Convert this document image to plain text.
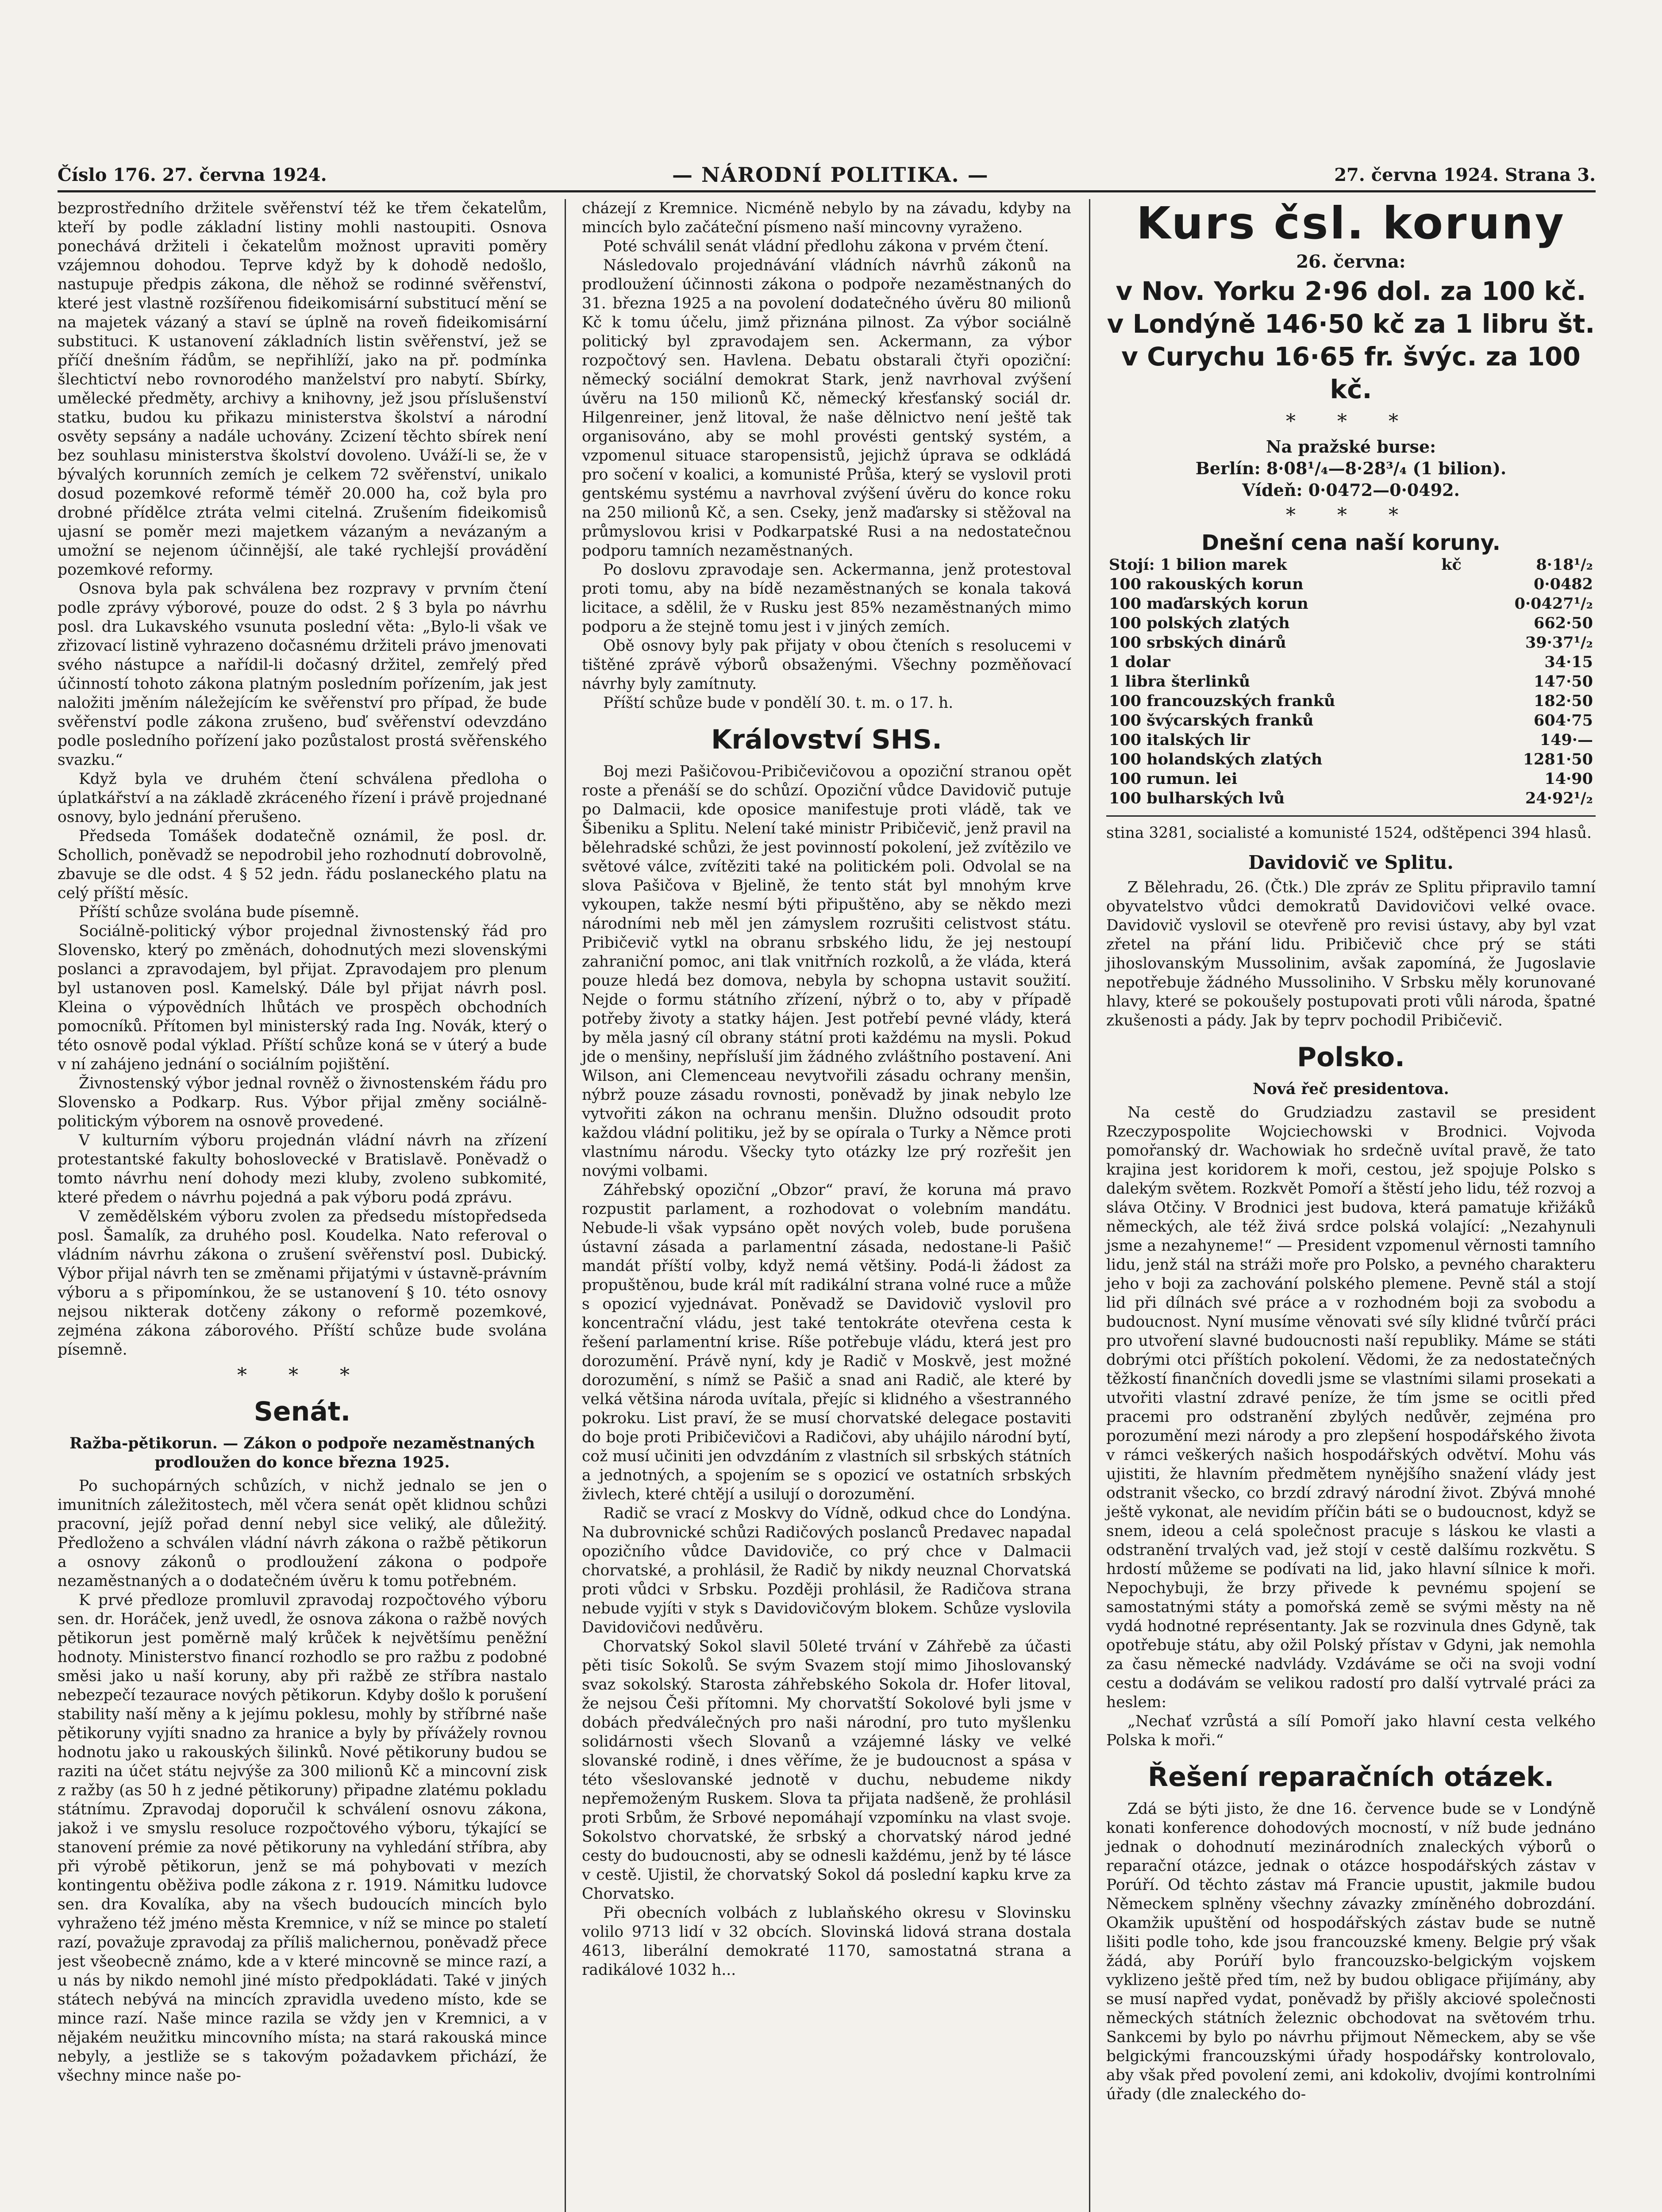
Číslo 176. 27. června 1924.	— NÁRODNÍ POLITIKA. —	27. června 1924. Strana 3.

bezprostředního držitele svěřenství též ke třem čekatelům, kteří by podle základní listiny mohli nastoupiti. Osnova ponechává držiteli i čekatelům možnost upraviti poměry vzájemnou dohodou. Teprve když by k dohodě nedošlo, nastupuje předpis zákona, dle něhož se rodinné svěřenství, které jest vlastně rozšířenou fideikomisární substitucí mění se na majetek vázaný a staví se úplně na roveň fideikomisární substituci. K ustanovení základních listin svěřenství, jež se příčí dnešním řádům, se nepřihlíží, jako na př. podmínka šlechtictví nebo rovnorodého manželství pro nabytí. Sbírky, umělecké předměty, archivy a knihovny, jež jsou příslušenství statku, budou ku přikazu ministerstva školství a národní osvěty sepsány a nadále uchovány. Zcizení těchto sbírek není bez souhlasu ministerstva školství dovoleno. Uváží-li se, že v bývalých korunních zemích je celkem 72 svěřenství, unikalo dosud pozemkové reformě téměř 20.000 ha, což byla pro drobné přídělce ztráta velmi citelná. Zrušením fideikomisů ujasní se poměr mezi majetkem vázaným a nevázaným a umožní se nejenom účinnější, ale také rychlejší provádění pozemkové reformy.

Osnova byla pak schválena bez rozpravy v prvním čtení podle zprávy výborové, pouze do odst. 2 § 3 byla po návrhu posl. dra Lukavského vsunuta poslední věta: „Bylo-li však ve zřizovací listině vyhrazeno dočasnému držiteli právo jmenovati svého nástupce a nařídil-li dočasný držitel, zemřelý před účinností tohoto zákona platným posledním pořízením, jak jest naložiti jměním náležejícím ke svěřenství pro případ, že bude svěřenství podle zákona zrušeno, buď svěřenství odevzdáno podle posledního pořízení jako pozůstalost prostá svěřenského svazku.“

Když byla ve druhém čtení schválena předloha o úplatkářství a na základě zkráceného řízení i právě projednané osnovy, bylo jednání přerušeno.

Předseda Tomášek dodatečně oznámil, že posl. dr. Schollich, poněvadž se nepodrobil jeho rozhodnutí dobrovolně, zbavuje se dle odst. 4 § 52 jedn. řádu poslaneckého platu na celý příští měsíc.

Příští schůze svolána bude písemně.

Sociálně-politický výbor projednal živnostenský řád pro Slovensko, který po změnách, dohodnutých mezi slovenskými poslanci a zpravodajem, byl přijat. Zpravodajem pro plenum byl ustanoven posl. Kamelský. Dále byl přijat návrh posl. Kleina o výpovědních lhůtách ve prospěch obchodních pomocníků. Přítomen byl ministerský rada Ing. Novák, který o této osnově podal výklad. Příští schůze koná se v úterý a bude v ní zahájeno jednání o sociálním pojištění.

Živnostenský výbor jednal rovněž o živnostenském řádu pro Slovensko a Podkarp. Rus. Výbor přijal změny sociálně-politickým výborem na osnově provedené.

V kulturním výboru projednán vládní návrh na zřízení protestantské fakulty bohoslovecké v Bratislavě. Poněvadž o tomto návrhu není dohody mezi kluby, zvoleno subkomité, které předem o návrhu pojedná a pak výboru podá zprávu.

V zemědělském výboru zvolen za předsedu místopředseda posl. Šamalík, za druhého posl. Koudelka. Nato referoval o vládním návrhu zákona o zrušení svěřenství posl. Dubický. Výbor přijal návrh ten se změnami přijatými v ústavně-právním výboru a s připomínkou, že se ustanovení § 10. této osnovy nejsou nikterak dotčeny zákony o reformě pozemkové, zejména zákona záborového. Příští schůze bude svolána písemně.

* * *
Senát.
Ražba-pětikorun. — Zákon o podpoře nezaměstnaných prodloužen do konce března 1925.

Po suchopárných schůzích, v nichž jednalo se jen o imunitních záležitostech, měl včera senát opět klidnou schůzi pracovní, jejíž pořad denní nebyl sice veliký, ale důležitý. Předloženo a schválen vládní návrh zákona o ražbě pětikorun a osnovy zákonů o prodloužení zákona o podpoře nezaměstnaných a o dodatečném úvěru k tomu potřebném.

K prvé předloze promluvil zpravodaj rozpočtového výboru sen. dr. Horáček, jenž uvedl, že osnova zákona o ražbě nových pětikorun jest poměrně malý krůček k největšímu peněžní hodnoty. Ministerstvo financí rozhodlo se pro ražbu z podobné směsi jako u naší koruny, aby při ražbě ze stříbra nastalo nebezpečí tezaurace nových pětikorun. Kdyby došlo k porušení stability naší měny a k jejímu poklesu, mohly by stříbrné naše pětikoruny vyjíti snadno za hranice a byly by přívážely rovnou hodnotu jako u rakouských šilinků. Nové pětikoruny budou se raziti na účet státu nejvýše za 300 milionů Kč a mincovní zisk z ražby (as 50 h z jedné pětikoruny) připadne zlatému pokladu státnímu. Zpravodaj doporučil k schválení osnovu zákona, jakož i ve smyslu resoluce rozpočtového výboru, týkající se stanovení prémie za nové pětikoruny na vyhledání stříbra, aby při výrobě pětikorun, jenž se má pohybovati v mezích kontingentu oběživa podle zákona z r. 1919. Námitku ludovce sen. dra Kovalíka, aby na všech budoucích mincích bylo vyhraženo též jméno města Kremnice, v níž se mince po staletí razí, považuje zpravodaj za příliš malichernou, poněvadž přece jest všeobecně známo, kde a v které mincovně se mince razí, a u nás by nikdo nemohl jiné místo předpokládati. Také v jiných státech nebývá na mincích zpravidla uvedeno místo, kde se mince razí. Naše mince razila se vždy jen v Kremnici, a v nějakém neužitku mincovního místa; na stará rakouská mince nebyly, a jestliže se s takovým požadavkem přichází, že všechny mince naše po-

cházejí z Kremnice. Nicméně nebylo by na závadu, kdyby na mincích bylo začáteční písmeno naší mincovny vyraženo.

Poté schválil senát vládní předlohu zákona v prvém čtení.

Následovalo projednávání vládních návrhů zákonů na prodloužení účinnosti zákona o podpoře nezaměstnaných do 31. března 1925 a na povolení dodatečného úvěru 80 milionů Kč k tomu účelu, jimž přiznána pilnost. Za výbor sociálně politický byl zpravodajem sen. Ackermann, za výbor rozpočtový sen. Havlena. Debatu obstarali čtyři opoziční: německý sociální demokrat Stark, jenž navrhoval zvýšení úvěru na 150 milionů Kč, německý křesťanský sociál dr. Hilgenreiner, jenž litoval, že naše dělnictvo není ještě tak organisováno, aby se mohl provésti gentský systém, a vzpomenul situace staropensistů, jejichž úprava se odkládá pro sočení v koalici, a komunisté Průša, který se vyslovil proti gentskému systému a navrhoval zvýšení úvěru do konce roku na 250 milionů Kč, a sen. Cseky, jenž maďarsky si stěžoval na průmyslovou krisi v Podkarpatské Rusi a na nedostatečnou podporu tamních nezaměstnaných.

Po doslovu zpravodaje sen. Ackermanna, jenž protestoval proti tomu, aby na bídě nezaměstnaných se konala taková licitace, a sdělil, že v Rusku jest 85% nezaměstnaných mimo podporu a že stejně tomu jest i v jiných zemích.

Obě osnovy byly pak přijaty v obou čteních s resolucemi v tištěné zprávě výborů obsaženými. Všechny pozměňovací návrhy byly zamítnuty.

Příští schůze bude v pondělí 30. t. m. o 17. h.

Království SHS.

Boj mezi Pašičovou-Pribičevičovou a opoziční stranou opět roste a přenáší se do schůzí. Opoziční vůdce Davidovič putuje po Dalmacii, kde oposice manifestuje proti vládě, tak ve Šibeniku a Splitu. Nelení také ministr Pribičevič, jenž pravil na bělehradské schůzi, že jest povinností pokolení, jež zvítězilo ve světové válce, zvítěziti také na politickém poli. Odvolal se na slova Pašičova v Bjelině, že tento stát byl mnohým krve vykoupen, takže nesmí býti připuštěno, aby se někdo mezi národními neb měl jen zámyslem rozrušiti celistvost státu. Pribičevič vytkl na obranu srbského lidu, že jej nestoupí zahraniční pomoc, ani tlak vnitřních rozkolů, a že vláda, která pouze hledá bez domova, nebyla by schopna ustavit soužití. Nejde o formu státního zřízení, nýbrž o to, aby v případě potřeby životy a statky hájen. Jest potřebí pevné vlády, která by měla jasný cíl obrany státní proti každému na mysli. Pokud jde o menšiny, nepřísluší jim žádného zvláštního postavení. Ani Wilson, ani Clemenceau nevytvořili zásadu ochrany menšin, nýbrž pouze zásadu rovnosti, poněvadž by jinak nebylo lze vytvořiti zákon na ochranu menšin. Dlužno odsoudit proto každou vládní politiku, jež by se opírala o Turky a Němce proti vlastnímu národu. Všecky tyto otázky lze prý rozřešit jen novými volbami.

Záhřebský opoziční „Obzor“ praví, že koruna má pravo rozpustit parlament, a rozhodovat o volebním mandátu. Nebude-li však vypsáno opět nových voleb, bude porušena ústavní zásada a parlamentní zásada, nedostane-li Pašič mandát příští volby, když nemá většiny. Podá-li žádost za propuštěnou, bude král mít radikální strana volné ruce a může s opozicí vyjednávat. Poněvadž se Davidovič vyslovil pro koncentrační vládu, jest také tentokráte otevřena cesta k řešení parlamentní krise. Ríše potřebuje vládu, která jest pro dorozumění. Právě nyní, kdy je Radič v Moskvě, jest možné dorozumění, s nímž se Pašič a snad ani Radič, ale které by velká většina národa uvítala, přejíc si klidného a všestranného pokroku. List praví, že se musí chorvatské delegace postaviti do boje proti Pribičevičovi a Radičovi, aby uhájilo národní bytí, což musí učiniti jen odvzdáním z vlastních sil srbských státních a jednotných, a spojením se s opozicí ve ostatních srbských živlech, které chtějí a usilují o dorozumění.

Radič se vrací z Moskvy do Vídně, odkud chce do Londýna. Na dubrovnické schůzi Radičových poslanců Predavec napadal opozičního vůdce Davidoviče, co prý chce v Dalmacii chorvatské, a prohlásil, že Radič by nikdy neuznal Chorvatská proti vůdci v Srbsku. Později prohlásil, že Radičova strana nebude vyjíti v styk s Davidovičovým blokem. Schůze vyslovila Davidovičovi nedůvěru.

Chorvatský Sokol slavil 50leté trvání v Záhřebě za účasti pěti tisíc Sokolů. Se svým Svazem stojí mimo Jihoslovanský svaz sokolský. Starosta záhřebského Sokola dr. Hofer litoval, že nejsou Češi přítomni. My chorvatští Sokolové byli jsme v dobách předválečných pro naši národní, pro tuto myšlenku solidárnosti všech Slovanů a vzájemné lásky ve velké slovanské rodině, i dnes věříme, že je budoucnost a spása v této všeslovanské jednotě v duchu, nebudeme nikdy nepřemoženým Ruskem. Slova ta přijata nadšeně, že prohlásil proti Srbům, že Srbové nepomáhají vzpomínku na vlast svoje. Sokolstvo chorvatské, že srbský a chorvatský národ jedné cesty do budoucnosti, aby se odnesli každému, jenž by té lásce v cestě. Ujistil, že chorvatský Sokol dá poslední kapku krve za Chorvatsko.

Při obecních volbách z lublaňského okresu v Slovinsku volilo 9713 lidí v 32 obcích. Slovinská lidová strana dostala 4613, liberální demokraté 1170, samostatná strana a radikálové 1032 h...

Kurs čsl. koruny
26. června:
v Nov. Yorku 2·96 dol. za 100 kč.
v Londýně 146·50 kč za 1 libru št.
v Curychu 16·65 fr. švýc. za 100 kč.
* * *
Na pražské burse:
Berlín: 8·08¹/₄—8·28³/₄ (1 bilion).
Vídeň: 0·0472—0·0492.
* * *
Dnešní cena naší koruny.
Stojí: 1 bilion marek	kč	8·18¹/₂
100 rakouských korun		0·0482
100 maďarských korun		0·0427¹/₂
100 polských zlatých		662·50
100 srbských dinárů		39·37¹/₂
1 dolar		34·15
1 libra šterlinků		147·50
100 francouzských franků		182·50
100 švýcarských franků		604·75
100 italských lir		149·—
100 holandských zlatých		1281·50
100 rumun. lei		14·90
100 bulharských lvů		24·92¹/₂

stina 3281, socialisté a komunisté 1524, odštěpenci 394 hlasů.

Davidovič ve Splitu.

Z Bělehradu, 26. (Čtk.) Dle zpráv ze Splitu připravilo tamní obyvatelstvo vůdci demokratů Davidovičovi velké ovace. Davidovič vyslovil se otevřeně pro revisi ústavy, aby byl vzat zřetel na přání lidu. Pribičevič chce prý se státi jihoslovanským Mussolinim, avšak zapomíná, že Jugoslavie nepotřebuje žádného Mussoliniho. V Srbsku měly korunované hlavy, které se pokoušely postupovati proti vůli národa, špatné zkušenosti a pády. Jak by teprv pochodil Pribičevič.

Polsko.
Nová řeč presidentova.

Na cestě do Grudziadzu zastavil se president Rzeczypospolite Wojciechowski v Brodnici. Vojvoda pomořanský dr. Wachowiak ho srdečně uvítal pravě, že tato krajina jest koridorem k moři, cestou, jež spojuje Polsko s dalekým světem. Rozkvět Pomoří a štěstí jeho lidu, též rozvoj a sláva Otčiny. V Brodnici jest budova, která pamatuje křižáků německých, ale též živá srdce polská volající: „Nezahynuli jsme a nezahyneme!“ — President vzpomenul věrnosti tamního lidu, jenž stál na stráži moře pro Polsko, a pevného charakteru jeho v boji za zachování polského plemene. Pevně stál a stojí lid při dílnách své práce a v rozhodném boji za svobodu a budoucnost. Nyní musíme věnovati své síly klidné tvůrčí práci pro utvoření slavné budoucnosti naší republiky. Máme se státi dobrými otci příštích pokolení. Vědomi, že za nedostatečných těžkostí finančních dovedli jsme se vlastními silami prosekati a utvořiti vlastní zdravé peníze, že tím jsme se ocitli před pracemi pro odstranění zbylých nedůvěr, zejména pro porozumění mezi národy a pro zlepšení hospodářského života v rámci veškerých našich hospodářských odvětví. Mohu vás ujistiti, že hlavním předmětem nynějšího snažení vlády jest odstranit všecko, co brzdí zdravý národní život. Zbývá mnohé ještě vykonat, ale nevidím příčin báti se o budoucnost, když se snem, ideou a celá společnost pracuje s láskou ke vlasti a odstranění trvalých vad, jež stojí v cestě dalšímu rozkvětu. S hrdostí můžeme se podívati na lid, jako hlavní sílnice k moři. Nepochybuji, že brzy přivede k pevnému spojení se samostatnými státy a pomořská země se svými městy na ně vydá hodnotné représentanty. Jak se rozvinula dnes Gdyně, tak opotřebuje státu, aby ožil Polský přístav v Gdyni, jak nemohla za času německé nadvlády. Vzdáváme se oči na svoji vodní cestu a dodávám se velikou radostí pro další vytrvalé práci za heslem:

„Nechať vzrůstá a sílí Pomoří jako hlavní cesta velkého Polska k moři.“

Řešení reparačních otázek.

Zdá se býti jisto, že dne 16. července bude se v Londýně konati konference dohodových mocností, v níž bude jednáno jednak o dohodnutí mezinárodních znaleckých výborů o reparační otázce, jednak o otázce hospodářských zástav v Porúří. Od těchto zástav má Francie upustit, jakmile budou Německem splněny všechny závazky zmíněného dobrozdání. Okamžik upuštění od hospodářských zástav bude se nutně lišiti podle toho, kde jsou francouzské kmeny. Belgie prý však žádá, aby Porúří bylo francouzsko-belgickým vojskem vyklizeno ještě před tím, než by budou obligace přijímány, aby se musí napřed vydat, poněvadž by přišly akciové společnosti německých státních železnic obchodovat na světovém trhu. Sankcemi by bylo po návrhu přijmout Německem, aby se vše belgickými francouzskými úřady hospodářsky kontrolovalo, aby však před povolení zemi, ani kdokoliv, dvojími kontrolními úřady (dle znaleckého do-
